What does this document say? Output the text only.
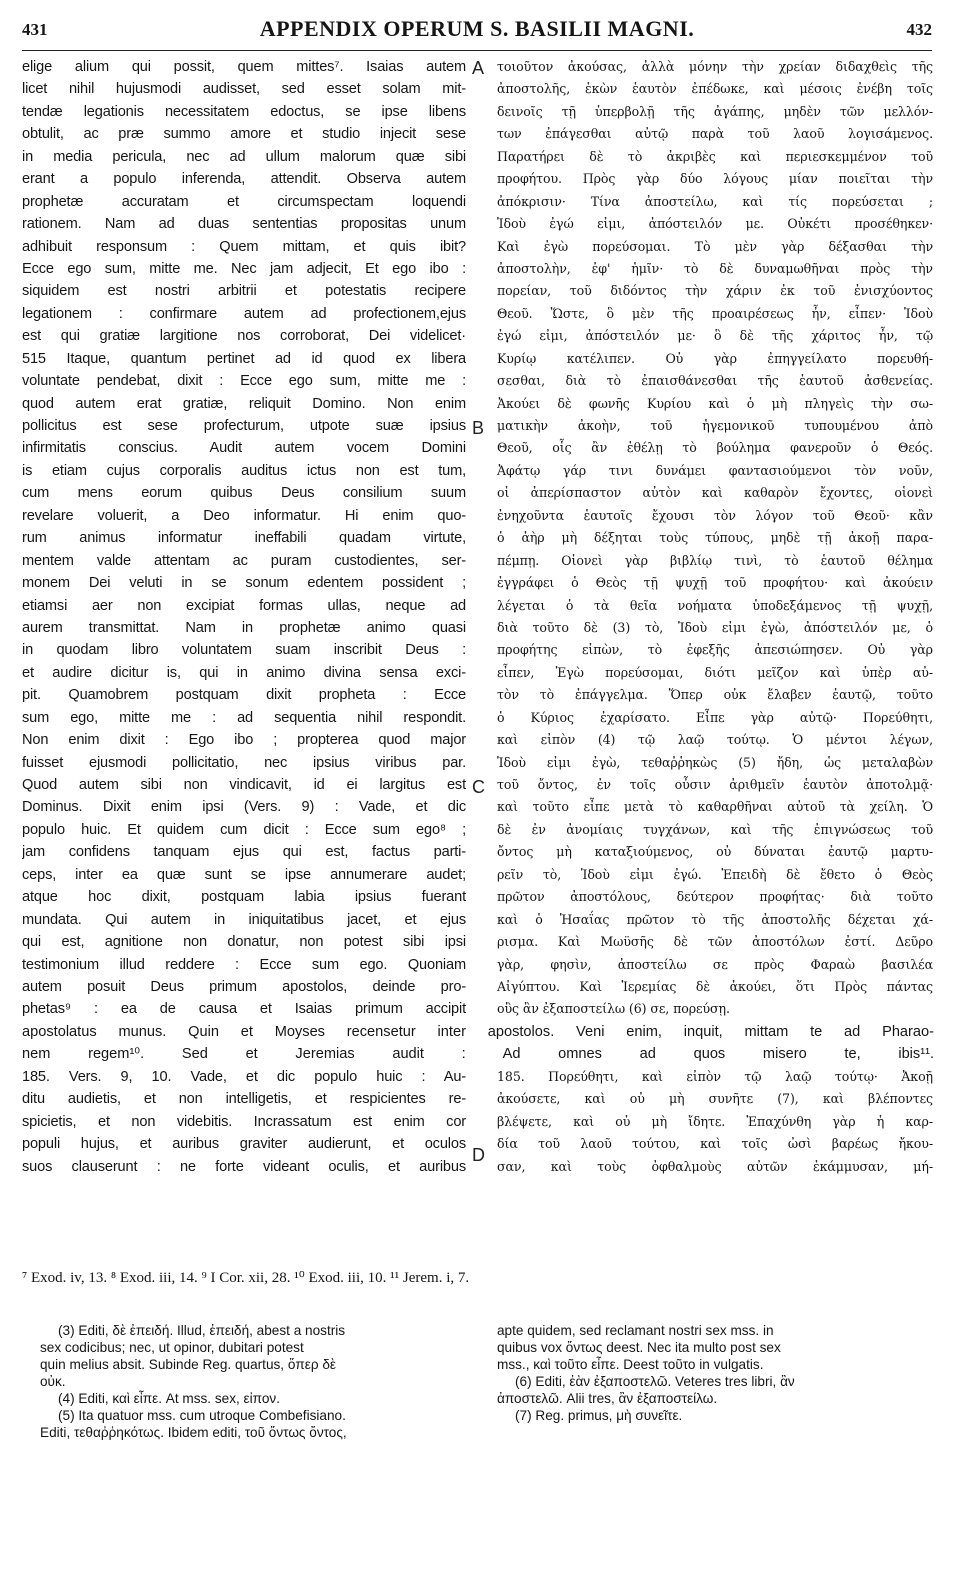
431	APPENDIX OPERUM S. BASILII MAGNI.	432
elige alium qui possit, quem mittes⁷. Isaias autem
licet nihil hujusmodi audisset, sed esset solam mit-
tendæ legationis necessitatem edoctus, se ipse libens
obtulit, ac præ summo amore et studio injecit sese
in media pericula, nec ad ullum malorum quæ sibi
erant a populo inferenda, attendit. Observa autem
prophetæ accuratam et circumspectam loquendi
rationem. Nam ad duas sententias propositas unum
adhibuit responsum : Quem mittam, et quis ibit?
Ecce ego sum, mitte me. Nec jam adjecit, Et ego ibo :
siquidem est nostri arbitrii et potestatis recipere
legationem : confirmare autem ad profectionem,ejus
est qui gratiæ largitione nos corroborat, Dei videlicet·
515 Itaque, quantum pertinet ad id quod ex libera
voluntate pendebat, dixit : Ecce ego sum, mitte me :
quod autem erat gratiæ, reliquit Domino. Non enim
pollicitus est sese profecturum, utpote suæ ipsius
infirmitatis conscius. Audit autem vocem Domini
is etiam cujus corporalis auditus ictus non est tum,
cum mens eorum quibus Deus consilium suum
revelare voluerit, a Deo informatur. Hi enim quo-
rum animus informatur ineffabili quadam virtute,
mentem valde attentam ac puram custodientes, ser-
monem Dei veluti in se sonum edentem possident ;
etiamsi aer non excipiat formas ullas, neque ad
aurem transmittat. Nam in prophetæ animo quasi
in quodam libro voluntatem suam inscribit Deus :
et audire dicitur is, qui in animo divina sensa exci-
pit. Quamobrem postquam dixit propheta : Ecce
sum ego, mitte me : ad sequentia nihil respondit.
Non enim dixit : Ego ibo ; propterea quod major
fuisset ejusmodi pollicitatio, nec ipsius viribus par.
Quod autem sibi non vindicavit, id ei largitus est
Dominus. Dixit enim ipsi (Vers. 9) : Vade, et dic
populo huic. Et quidem cum dicit : Ecce sum ego⁸ ;
jam confidens tanquam ejus qui est, factus parti-
ceps, inter ea quæ sunt se ipse annumerare audet;
atque hoc dixit, postquam labia ipsius fuerant
mundata. Qui autem in iniquitatibus jacet, et ejus
qui est, agnitione non donatur, non potest sibi ipsi
testimonium illud reddere : Ecce sum ego. Quoniam
autem posuit Deus primum apostolos, deinde pro-
phetas⁹ : ea de causa et Isaias primum accipit
τοιοῦτον ἀκούσας, ἀλλὰ μόνην τὴν χρείαν διδαχθεὶς τῆς
ἀποστολῆς, ἑκὼν ἑαυτὸν ἐπέδωκε, καὶ μέσοις ἐνέβη τοῖς
δεινοῖς τῇ ὑπερβολῇ τῆς ἀγάπης, μηδὲν τῶν μελλόν-
των ἐπάγεσθαι αὐτῷ παρὰ τοῦ λαοῦ λογισάμενος.
Παρατήρει δὲ τὸ ἀκριβὲς καὶ περιεσκεμμένον τοῦ
προφήτου. Πρὸς γὰρ δύο λόγους μίαν ποιεῖται τὴν
ἀπόκρισιν· Τίνα ἀποστείλω, καὶ τίς πορεύσεται ;
Ἰδοὺ ἐγώ εἰμι, ἀπόστειλόν με. Οὐκέτι προσέθηκεν·
Καὶ ἐγὼ πορεύσομαι. Τὸ μὲν γὰρ δέξασθαι τὴν
ἀποστολὴν, ἐφ' ἡμῖν· τὸ δὲ δυναμωθῆναι πρὸς τὴν
πορείαν, τοῦ διδόντος τὴν χάριν ἐκ τοῦ ἐνισχύοντος
Θεοῦ. Ὥστε, ὃ μὲν τῆς προαιρέσεως ἦν, εἶπεν· Ἰδοὺ
ἐγώ εἰμι, ἀπόστειλόν με· ὃ δὲ τῆς χάριτος ἦν, τῷ
Κυρίῳ κατέλιπεν. Οὐ γὰρ ἐπηγγείλατο πορευθή-
σεσθαι, διὰ τὸ ἐπαισθάνεσθαι τῆς ἑαυτοῦ ἀσθενείας.
Ἀκούει δὲ φωνῆς Κυρίου καὶ ὁ μὴ πληγεὶς τὴν σω-
ματικὴν ἀκοὴν, τοῦ ἡγεμονικοῦ τυπουμένου ἀπὸ
Θεοῦ, οἷς ἂν ἐθέλῃ τὸ βούλημα φανεροῦν ὁ Θεός.
Ἀφάτῳ γάρ τινι δυνάμει φαντασιούμενοι τὸν νοῦν,
οἱ ἀπερίσπαστον αὐτὸν καὶ καθαρὸν ἔχοντες, οἱονεὶ
ἐνηχοῦντα ἑαυτοῖς ἔχουσι τὸν λόγον τοῦ Θεοῦ· κἂν
ὁ ἀὴρ μὴ δέξηται τοὺς τύπους, μηδὲ τῇ ἀκοῇ παρα-
πέμπῃ. Οἱονεὶ γὰρ βιβλίῳ τινὶ, τὸ ἑαυτοῦ θέλημα
ἐγγράφει ὁ Θεὸς τῇ ψυχῇ τοῦ προφήτου· καὶ ἀκούειν
λέγεται ὁ τὰ θεῖα νοήματα ὑποδεξάμενος τῇ ψυχῇ,
διὰ τοῦτο δὲ (3) τὸ, Ἰδοὺ εἰμι ἐγὼ, ἀπόστειλόν με, ὁ
προφήτης εἰπὼν, τὸ ἐφεξῆς ἀπεσιώπησεν. Οὐ γὰρ
εἶπεν, Ἐγὼ πορεύσομαι, διότι μεῖζον καὶ ὑπὲρ αὐ-
τὸν τὸ ἐπάγγελμα. Ὅπερ οὐκ ἔλαβεν ἑαυτῷ, τοῦτο
ὁ Κύριος ἐχαρίσατο. Εἶπε γὰρ αὐτῷ· Πορεύθητι,
καὶ εἰπὸν (4) τῷ λαῷ τούτῳ. Ὁ μέντοι λέγων,
Ἰδοὺ εἰμι ἐγὼ, τεθαῤῥηκὼς (5) ἤδη, ὡς μεταλαβὼν
τοῦ ὄντος, ἐν τοῖς οὖσιν ἀριθμεῖν ἑαυτὸν ἀποτολμᾷ·
καὶ τοῦτο εἶπε μετὰ τὸ καθαρθῆναι αὐτοῦ τὰ χείλη. Ὁ
δὲ ἐν ἀνομίαις τυγχάνων, καὶ τῆς ἐπιγνώσεως τοῦ
ὄντος μὴ καταξιούμενος, οὐ δύναται ἑαυτῷ μαρτυ-
ρεῖν τὸ, Ἰδοὺ εἰμι ἐγώ. Ἐπειδὴ δὲ ἔθετο ὁ Θεὸς
πρῶτον ἀποστόλους, δεύτερον προφήτας· διὰ τοῦτο
καὶ ὁ Ἡσαΐας πρῶτον τὸ τῆς ἀποστολῆς δέχεται χά-
ρισμα. Καὶ Μωϋσῆς δὲ τῶν ἀποστόλων ἐστί. Δεῦρο
γὰρ, φησὶν, ἀποστείλω σε πρὸς Φαραὼ βασιλέα
Αἰγύπτου. Καὶ Ἱερεμίας δὲ ἀκούει, ὅτι Πρὸς πάντας
οὓς ἂν ἐξαποστείλω (6) σε, πορεύσῃ.
A
B
C
D
apostolatus munus. Quin et Moyses recensetur inter apostolos. Veni enim, inquit, mittam te ad Pharao-
nem regem¹⁰. Sed et Jeremias audit : Ad omnes ad quos misero te, ibis¹¹.
185. Vers. 9, 10. Vade, et dic populo huic : Au-
ditu audietis, et non intelligetis, et respicientes re-
spicietis, et non videbitis. Incrassatum est enim cor
populi hujus, et auribus graviter audierunt, et oculos
suos clauserunt : ne forte videant oculis, et auribus
185. Πορεύθητι, καὶ εἰπὸν τῷ λαῷ τούτῳ· Ἀκοῇ
ἀκούσετε, καὶ οὐ μὴ συνῆτε (7), καὶ βλέποντες
βλέψετε, καὶ οὐ μὴ ἴδητε. Ἐπαχύνθη γὰρ ἡ καρ-
δία τοῦ λαοῦ τούτου, καὶ τοῖς ὠσὶ βαρέως ἤκου-
σαν, καὶ τοὺς ὀφθαλμοὺς αὐτῶν ἐκάμμυσαν, μή-
⁷ Exod. iv, 13. ⁸ Exod. iii, 14. ⁹ I Cor. xii, 28. ¹⁰ Exod. iii, 10. ¹¹ Jerem. i, 7.
(3) Editi, δὲ ἐπειδή. Illud, ἐπειδή, abest a nostris
sex codicibus; nec, ut opinor, dubitari potest
quin melius absit. Subinde Reg. quartus, ὅπερ δὲ
οὐκ.
(4) Editi, καὶ εἶπε. At mss. sex, εἰπον.
(5) Ita quatuor mss. cum utroque Combefisiano.
Editi, τεθαῤῥηκότως. Ibidem editi, τοῦ ὄντως ὄντος,
apte quidem, sed reclamant nostri sex mss. in
quibus vox ὄντως deest. Nec ita multo post sex
mss., καὶ τοῦτο εἶπε. Deest τοῦτο in vulgatis.
(6) Editi, ἐὰν ἐξαποστελῶ. Veteres tres libri, ἂν
ἀποστελῶ. Alii tres, ἂν ἐξαποστείλω.
(7) Reg. primus, μὴ συνεῖτε.
